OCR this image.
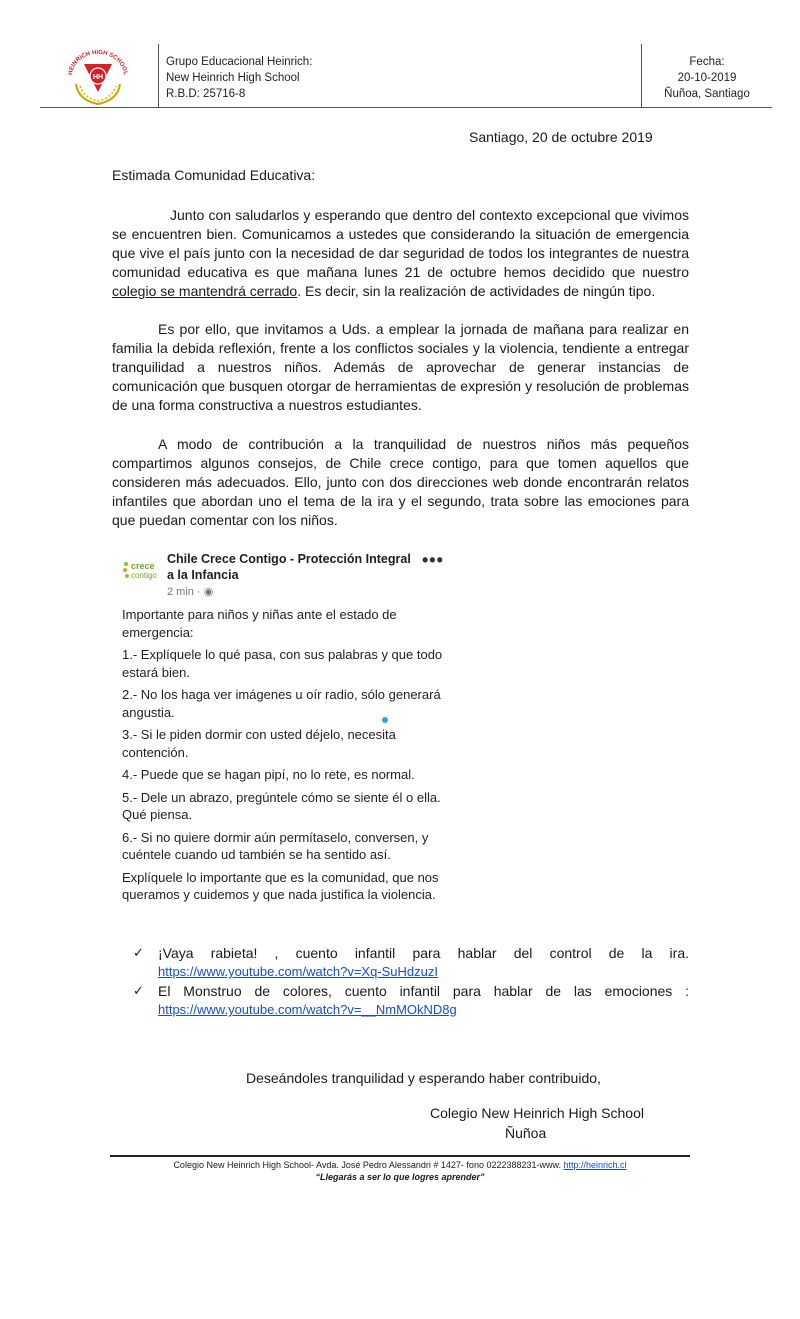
HH
HEINRICH HIGH SCHOOL
Grupo Educacional Heinrich:
New Heinrich High School
R.B.D: 25716-8
Fecha:
20-10-2019
Ñuñoa, Santiago
Santiago, 20 de octubre 2019
Estimada Comunidad Educativa:
Junto con saludarlos y esperando que dentro del contexto excepcional que vivimos se encuentren bien. Comunicamos a ustedes que considerando la situación de emergencia que vive el país junto con la necesidad de dar seguridad de todos los integrantes de nuestra comunidad educativa es que mañana lunes 21 de octubre hemos decidido que nuestro colegio se mantendrá cerrado. Es decir, sin la realización de actividades de ningún tipo.
Es por ello, que invitamos a Uds. a emplear la jornada de mañana para realizar en familia la debida reflexión, frente a los conflictos sociales y la violencia, tendiente a entregar tranquilidad a nuestros niños. Además de aprovechar de generar instancias de comunicación que busquen otorgar de herramientas de expresión y resolución de problemas de una forma constructiva a nuestros estudiantes.
A modo de contribución a la tranquilidad de nuestros niños más pequeños compartimos algunos consejos, de Chile crece contigo, para que tomen aquellos que consideren más adecuados. Ello, junto con dos direcciones web donde encontrarán relatos infantiles que abordan uno el tema de la ira y el segundo, trata sobre las emociones para que puedan comentar con los niños.
crece
contigo
Chile Crece Contigo - Protección Integral a la Infancia
•••
2 min · ◉

Importante para niños y niñas ante el estado de emergencia:

1.- Explíquele lo qué pasa, con sus palabras y que todo estará bien.

2.- No los haga ver imágenes u oír radio, sólo generará angustia.

3.- Si le piden dormir con usted déjelo, necesita contención.

4.- Puede que se hagan pipí, no lo rete, es normal.

5.- Dele un abrazo, pregúntele cómo se siente él o ella. Qué piensa.

6.- Si no quiere dormir aún permítaselo, conversen, y cuéntele cuando ud también se ha sentido así.

Explíquele lo importante que es la comunidad, que nos queramos y cuidemos y que nada justifica la violencia.

✓ ¡Vaya rabieta! , cuento infantil para hablar del control de la ira.
https://www.youtube.com/watch?v=Xq-SuHdzuzI
✓ El Monstruo de colores, cuento infantil para hablar de las emociones :
https://www.youtube.com/watch?v=__NmMOkND8g
Deseándoles tranquilidad y esperando haber contribuido,
Colegio New Heinrich High School
Ñuñoa
Colegio New Heinrich High School- Avda. José Pedro Alessandri # 1427- fono 0222388231-www. http://heinrich.cl
“Llegarás a ser lo que logres aprender”
